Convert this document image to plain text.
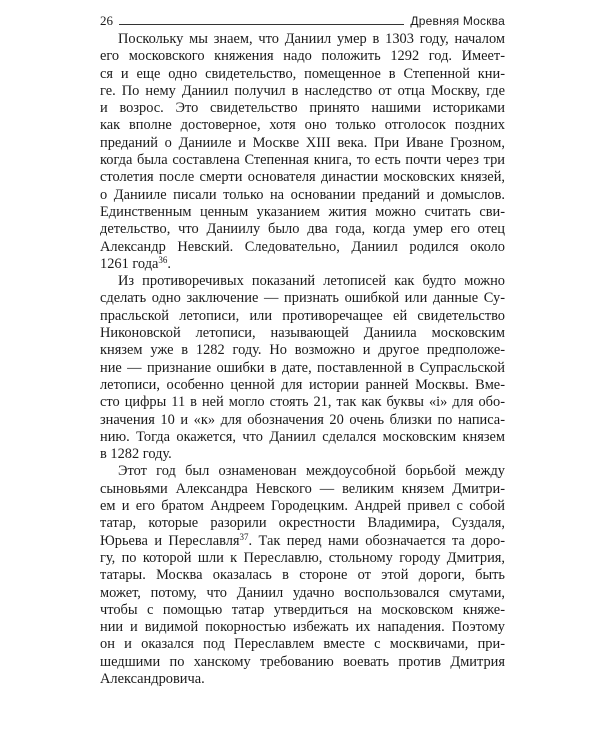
26	Древняя Москва

Поскольку мы знаем, что Даниил умер в 1303 году, началом
его московского княжения надо положить 1292 год. Имеет-
ся и еще одно свидетельство, помещенное в Степенной кни-
ге. По нему Даниил получил в наследство от отца Москву, где
и возрос. Это свидетельство принято нашими историками
как вполне достоверное, хотя оно только отголосок поздних
преданий о Данииле и Москве XIII века. При Иване Грозном,
когда была составлена Степенная книга, то есть почти через три
столетия после смерти основателя династии московских князей,
о Данииле писали только на основании преданий и домыслов.
Единственным ценным указанием жития можно считать сви-
детельство, что Даниилу было два года, когда умер его отец
Александр Невский. Следовательно, Даниил родился около
1261 года$^{36}$.

Из противоречивых показаний летописей как будто можно
сделать одно заключение — признать ошибкой или данные Су-
прасльской летописи, или противоречащее ей свидетельство
Никоновской летописи, называющей Даниила московским
князем уже в 1282 году. Но возможно и другое предположе-
ние — признание ошибки в дате, поставленной в Супрасльской
летописи, особенно ценной для истории ранней Москвы. Вме-
сто цифры 11 в ней могло стоять 21, так как буквы «і» для обо-
значения 10 и «к» для обозначения 20 очень близки по написа-
нию. Тогда окажется, что Даниил сделался московским князем
в 1282 году.

Этот год был ознаменован междоусобной борьбой между
сыновьями Александра Невского — великим князем Дмитри-
ем и его братом Андреем Городецким. Андрей привел с собой
татар, которые разорили окрестности Владимира, Суздаля,
Юрьева и Переславля$^{37}$. Так перед нами обозначается та доро-
гу, по которой шли к Переславлю, стольному городу Дмитрия,
татары. Москва оказалась в стороне от этой дороги, быть
может, потому, что Даниил удачно воспользовался смутами,
чтобы с помощью татар утвердиться на московском княже-
нии и видимой покорностью избежать их нападения. Поэтому
он и оказался под Переславлем вместе с москвичами, при-
шедшими по ханскому требованию воевать против Дмитрия
Александровича.
